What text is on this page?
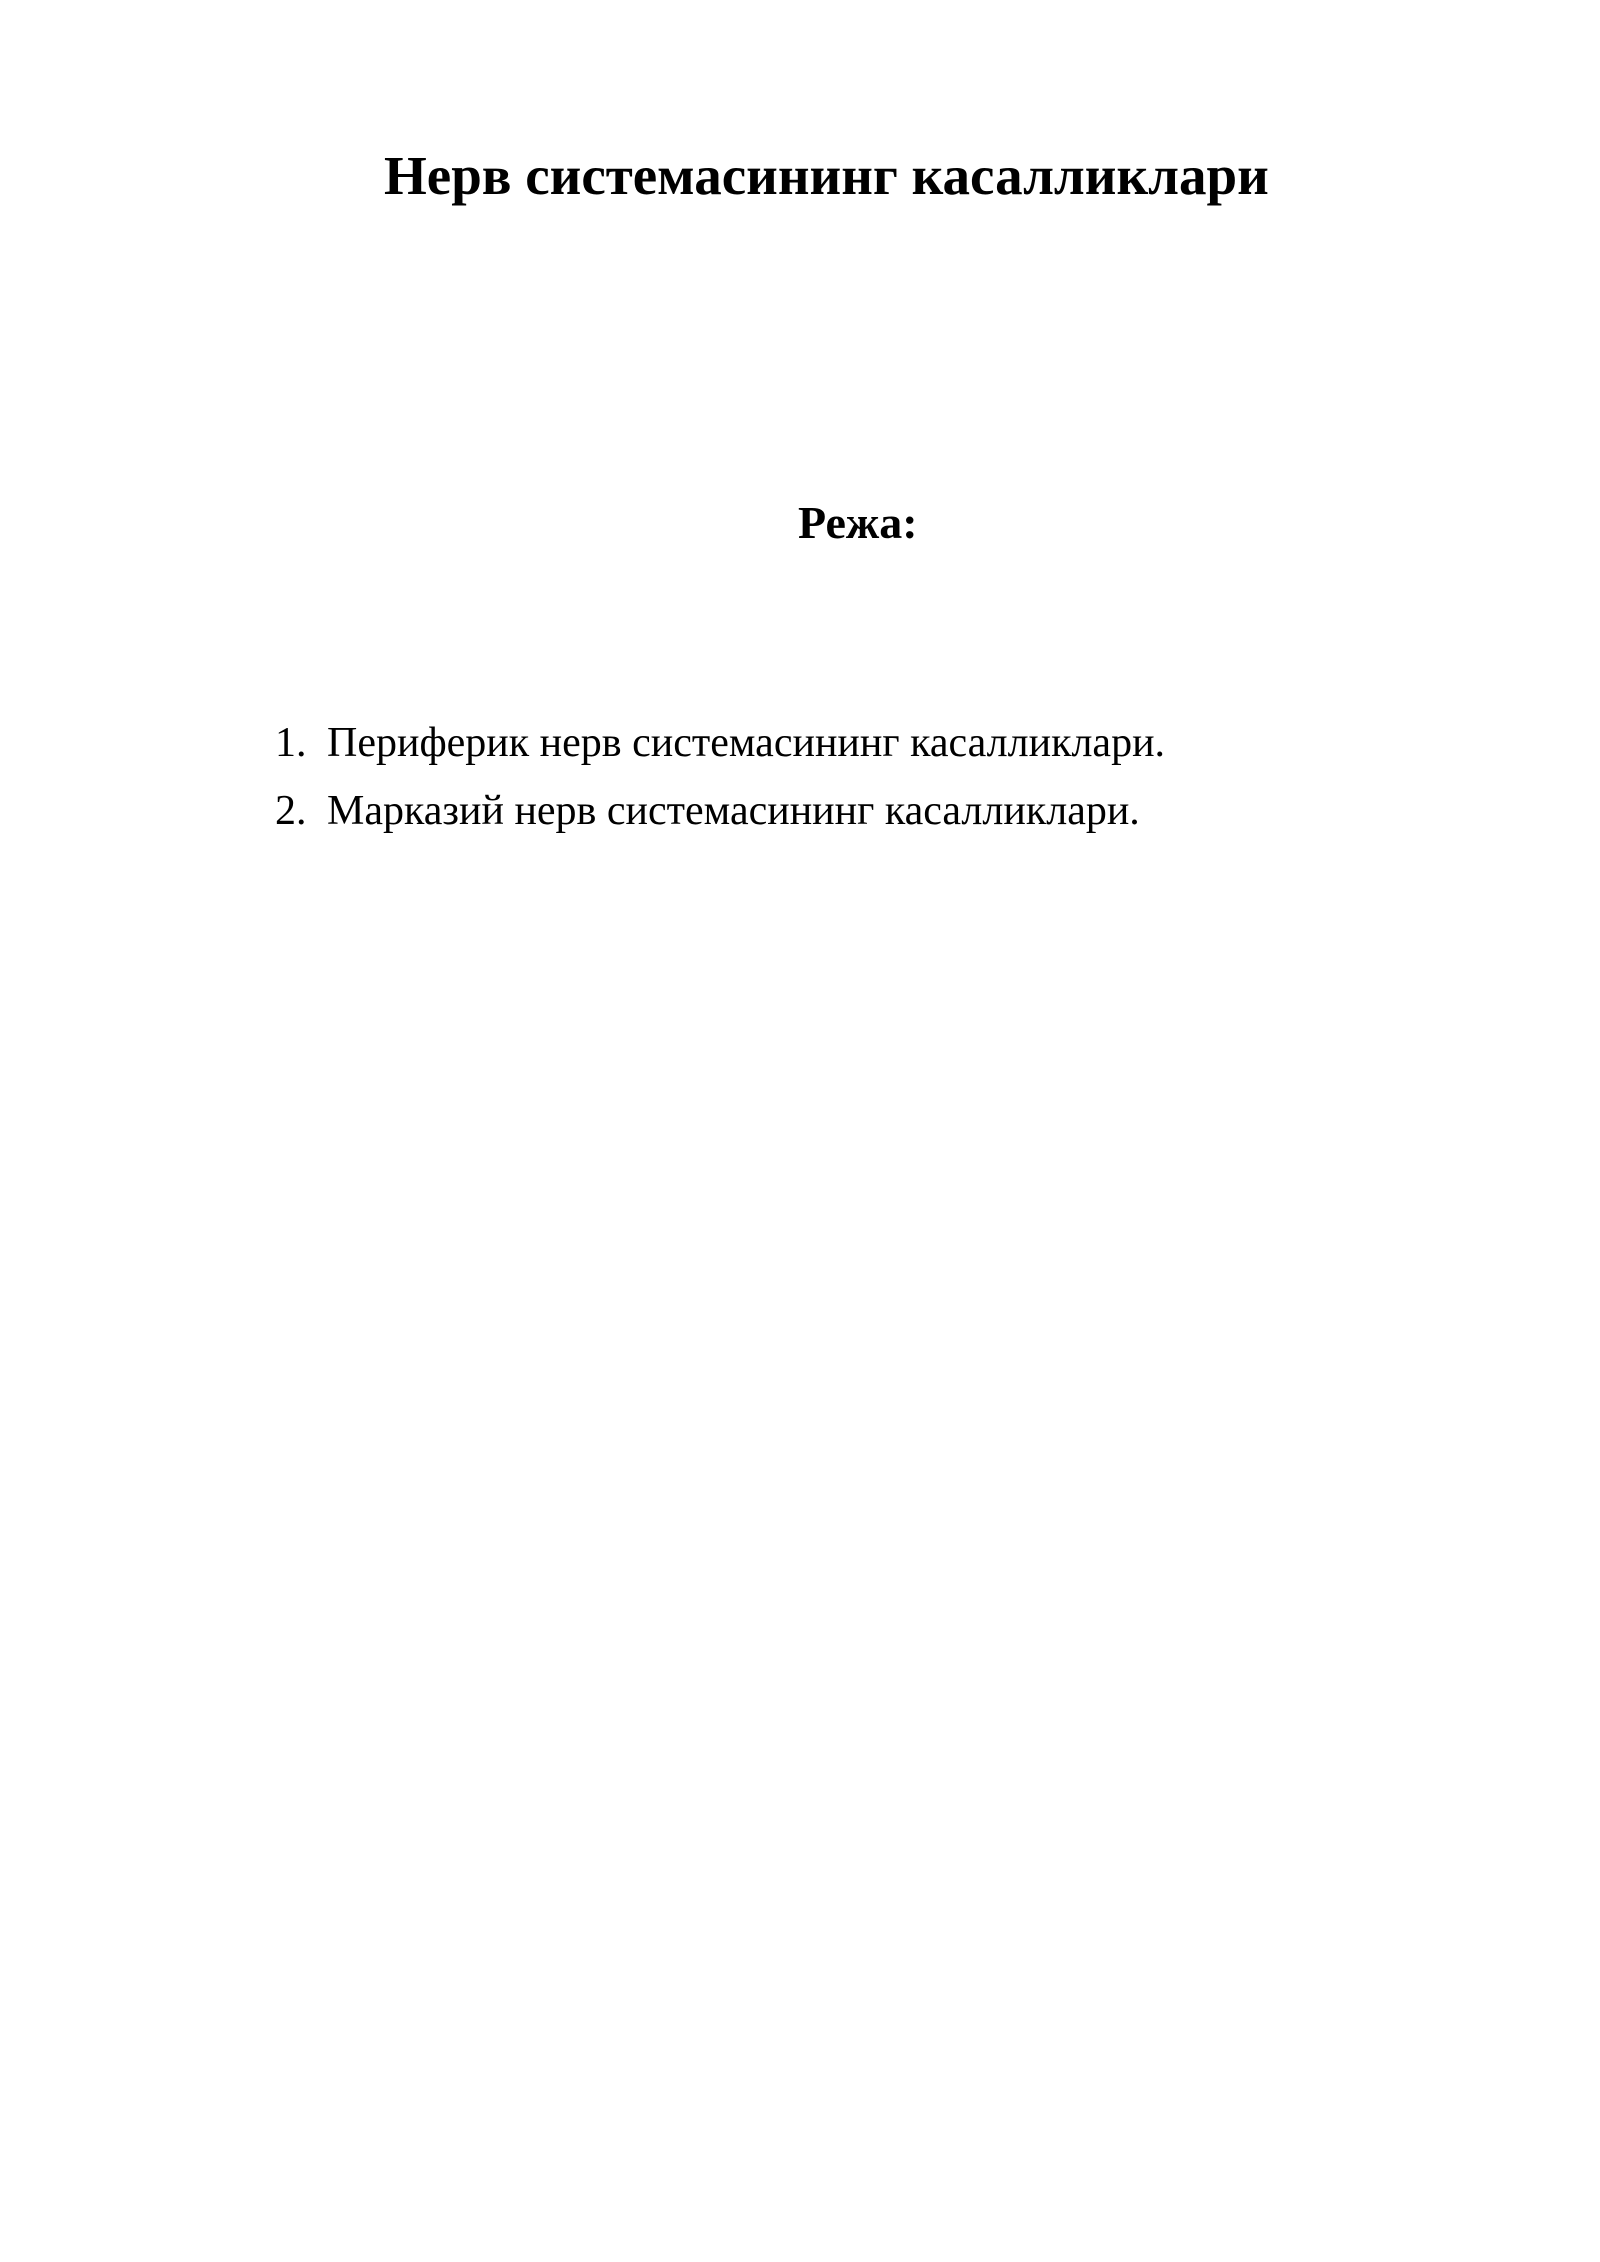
Нерв системасининг касалликлари
Режа:
1. Периферик нерв системасининг касалликлари.
2. Марказий нерв системасининг касалликлари.
